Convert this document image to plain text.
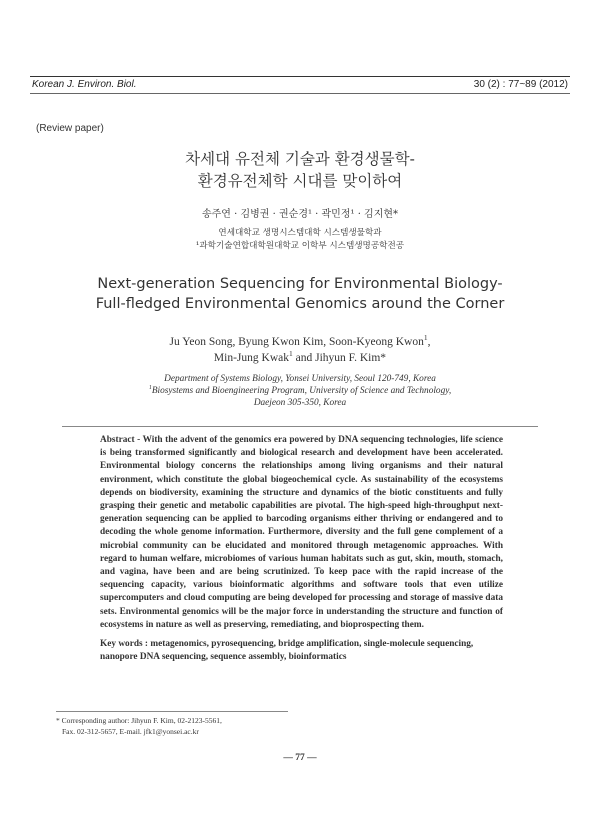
Korean J. Environ. Biol.	30 (2) : 77~89 (2012)
(Review paper)
차세대 유전체 기술과 환경생물학-
환경유전체학 시대를 맞이하여
송주연 · 김병권 · 권순경¹ · 곽민정¹ · 김지현*
연세대학교 생명시스템대학 시스템생물학과
¹과학기술연합대학원대학교 이학부 시스템생명공학전공
Next-generation Sequencing for Environmental Biology-
Full-fledged Environmental Genomics around the Corner
Ju Yeon Song, Byung Kwon Kim, Soon-Kyeong Kwon$^1$,
Min-Jung Kwak$^1$ and Jihyun F. Kim*
Department of Systems Biology, Yonsei University, Seoul 120-749, Korea
$^1$Biosystems and Bioengineering Program, University of Science and Technology,
Daejeon 305-350, Korea
Abstract - With the advent of the genomics era powered by DNA sequencing technologies, life science is being transformed significantly and biological research and development have been accelerated. Environmental biology concerns the relationships among living organisms and their natural environment, which constitute the global biogeochemical cycle. As sustainability of the ecosystems depends on biodiversity, examining the structure and dynamics of the biotic constituents and fully grasping their genetic and metabolic capabilities are pivotal. The high-speed high-throughput next-generation sequencing can be applied to barcoding organisms either thriving or endangered and to decoding the whole genome information. Furthermore, diversity and the full gene complement of a microbial community can be elucidated and monitored through metagenomic approaches. With regard to human welfare, microbiomes of various human habitats such as gut, skin, mouth, stomach, and vagina, have been and are being scrutinized. To keep pace with the rapid increase of the sequencing capacity, various bioinformatic algorithms and software tools that even utilize supercomputers and cloud computing are being developed for processing and storage of massive data sets. Environmental genomics will be the major force in understanding the structure and function of ecosystems in nature as well as preserving, remediating, and bioprospecting them.
Key words : metagenomics, pyrosequencing, bridge amplification, single-molecule sequencing, nanopore DNA sequencing, sequence assembly, bioinformatics
* Corresponding author: Jihyun F. Kim, 02-2123-5561,
Fax. 02-312-5657, E-mail. jfk1@yonsei.ac.kr
— 77 —
